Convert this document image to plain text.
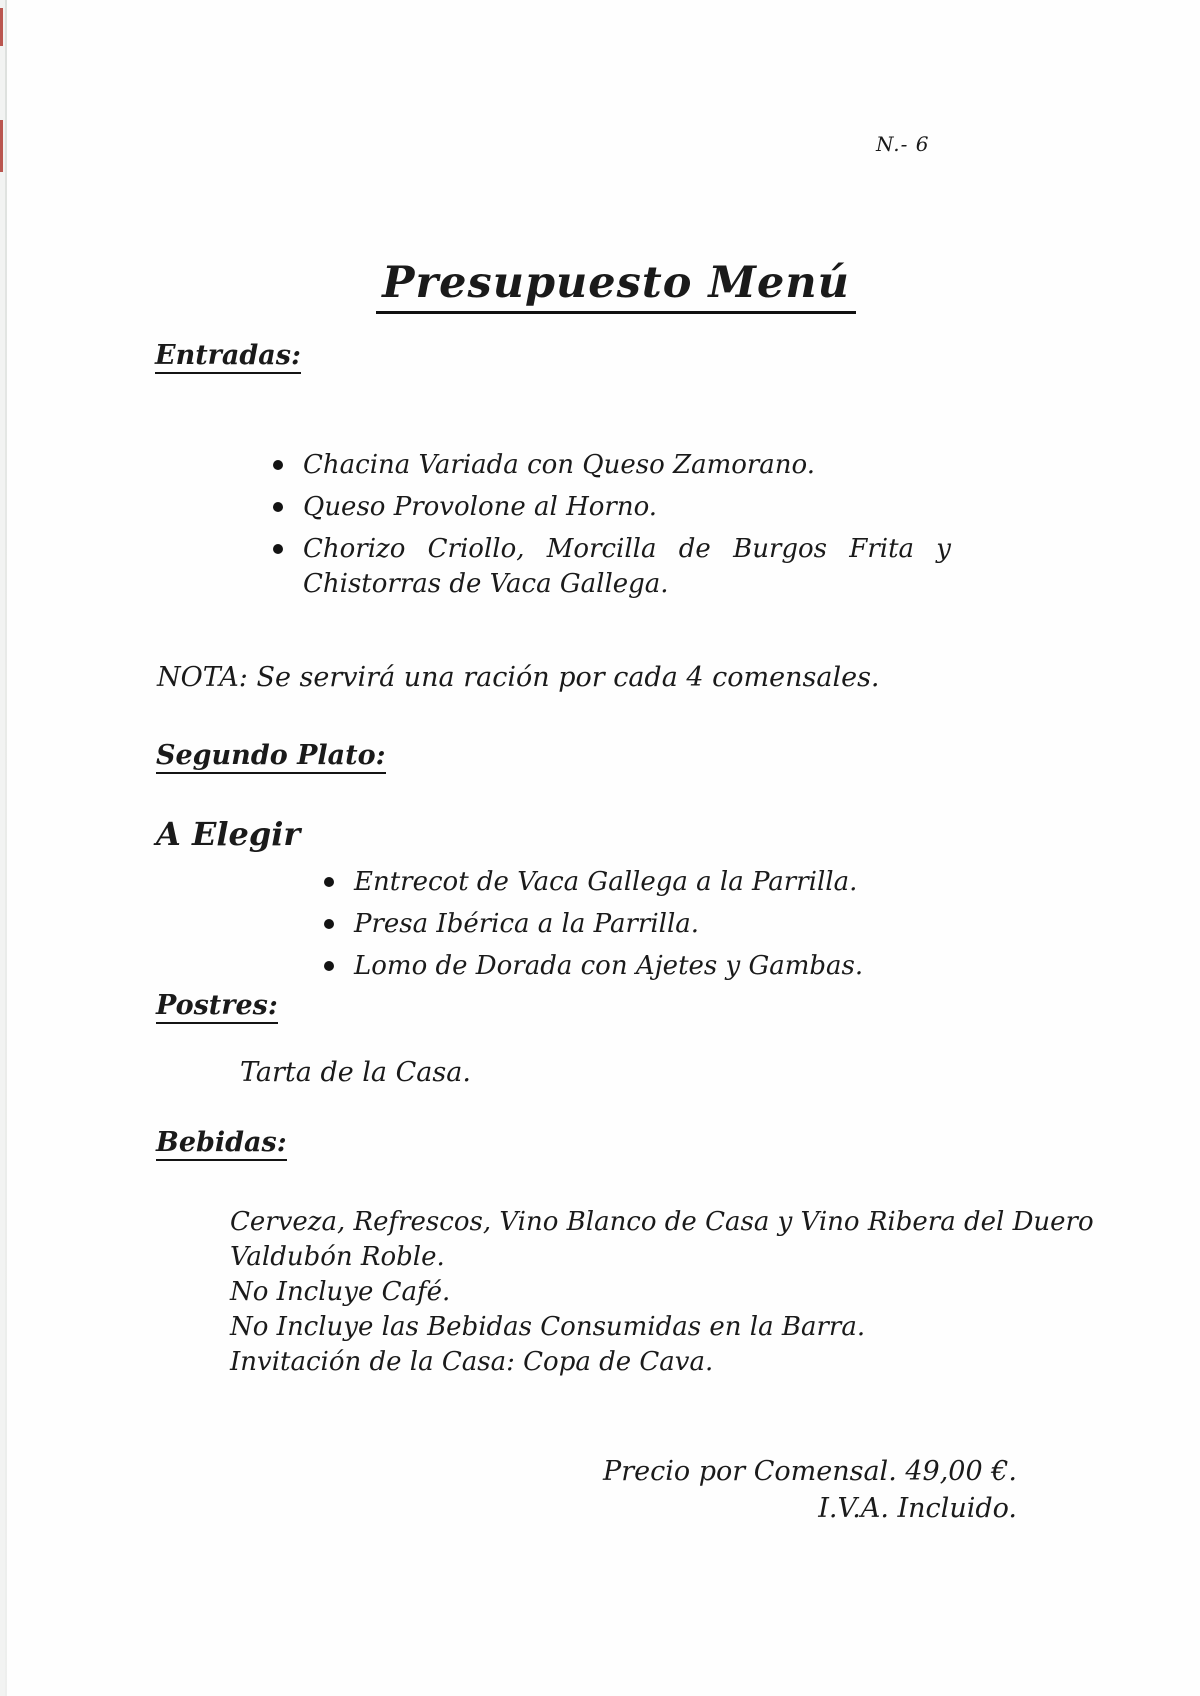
N.- 6
Presupuesto Menú
Entradas:
Chacina Variada con Queso Zamorano.
Queso Provolone al Horno.
Chorizo Criollo, Morcilla de Burgos Frita y Chistorras de Vaca Gallega.

NOTA: Se servirá una ración por cada 4 comensales.

Segundo Plato:
A Elegir
Entrecot de Vaca Gallega a la Parrilla.
Presa Ibérica a la Parrilla.
Lomo de Dorada con Ajetes y Gambas.
Postres:

Tarta de la Casa.

Bebidas:

Cerveza, Refrescos, Vino Blanco de Casa y Vino Ribera del Duero

Valdubón Roble.

No Incluye Café.

No Incluye las Bebidas Consumidas en la Barra.

Invitación de la Casa: Copa de Cava.

Precio por Comensal. 49,00 €.

I.V.A. Incluido.
